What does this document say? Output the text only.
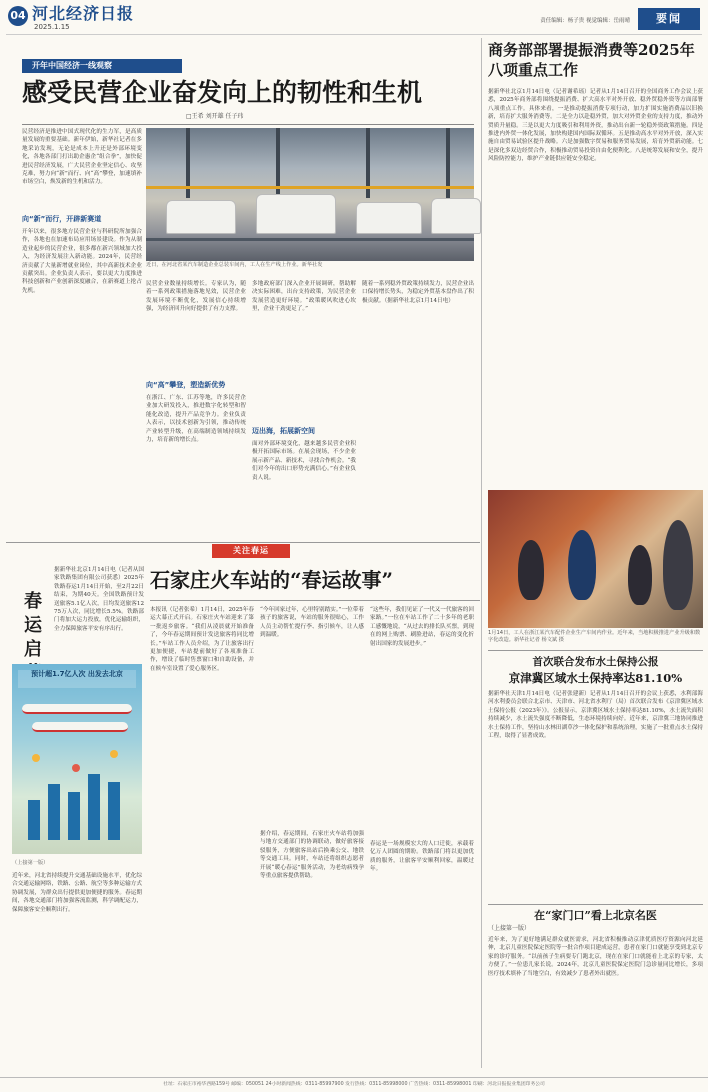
04 河北经济日报
2025.1.15
责任编辑：杨子贵 视觉编辑：岳雨晴	要闻
开年中国经济一线观察
感受民营企业奋发向上的韧性和生机
□王希 刘开雄 任子玮
民营经济是推进中国式现代化的生力军，是高质量发展的重要基础。新年伊始，新华社记者在多地采访发现，无论是成本上升还是外部环境变化，各地各部门打出助企惠企“组合拳”，加快促进民营经济发展，广大民营企业坚定信心、攻坚克难，努力向“新”而行、向“高”攀登，加速填补市场空白，焕发新的生机和活力。
向“新”而行，开辟新赛道
开年以来，很多地方民营企业与科研院所加强合作，各地也在加速布局应用场景建设。作为从制造业起步的民营企业，很多都在新兴领域加大投入，为经济发展注入新动能。2024年，民营经济贡献了大量新增就业岗位，其中高新技术企业贡献突出。企业负责人表示，要以更大力度推进科技创新和产业创新深度融合，在新赛道上抢占先机。
近日，在河北省某汽车制造企业总装车间内，工人在生产线上作业。新华社发
民营企业数量持续增长。专家认为，随着一系列政策措施落地见效，民营企业发展环境不断优化，发展信心持续增强，为经济回升向好提供了有力支撑。
向“高”攀登，塑造新优势
在浙江、广东、江苏等地，许多民营企业加大研发投入，推进数字化转型和智能化改造，提升产品竞争力。企业负责人表示，以技术创新为引领，推动传统产业转型升级，在高端制造领域持续发力，培育新的增长点。
多地政府部门深入企业开展调研，帮助解决实际困难，出台支持政策，为民营企业发展营造更好环境。“政策暖风吹进心坎里，企业干劲更足了。”
迈出海，拓展新空间
面对外部环境变化，越来越多民营企业积极开拓国际市场。在展会现场，不少企业展示新产品、新技术，寻找合作机会。“我们对今年的出口形势充满信心。”有企业负责人说。
随着一系列稳外贸政策持续发力，民营企业出口保持增长势头，为稳定外贸基本盘作出了积极贡献。（据新华社北京1月14日电）
商务部部署提振消费等2025年八项重点工作
据新华社北京1月14日电（记者谢希瑶）记者从1月14日召开的全国商务工作会议上获悉，2025年商务部将围绕提振消费、扩大高水平对外开放、稳外贸稳外资等方面部署八项重点工作。具体来看，一是推动提振消费专项行动，加力扩围实施消费品以旧换新，培育扩大服务消费等。二是全力以赴稳外贸，加大对外贸企业的支持力度，推动外贸质升量稳。三是以更大力度吸引和利用外资，推动出台新一轮稳外资政策措施。四是推进内外贸一体化发展，加快构建国内国际双循环。五是推动高水平对外开放，深入实施自由贸易试验区提升战略。六是加强数字贸易和服务贸易发展，培育外贸新动能。七是深化多双边经贸合作，积极推动贸易投资自由化便利化。八是统筹发展和安全，提升风险防控能力，维护产业链供应链安全稳定。
1月14日，工人在浙江某汽车配件企业生产车间内作业。近年来，当地积极推进产业升级和数字化改造。新华社记者 杨文斌 摄
关注春运
春运启
据新华社北京1月14日电（记者从国家铁路集团有限公司获悉）2025年铁路春运1月14日开始，至2月22日结束，为期40天。全国铁路预计发送旅客5.1亿人次，日均发送旅客1275万人次，同比增长5.5%。铁路部门将加大运力投放，优化运输组织，全力保障旅客平安有序出行。
预计超1.7亿人次 出发去北京
（上接第一版）
近年来，河北省持续提升交通基础设施水平，优化综合交通运输网络，铁路、公路、航空等多种运输方式协调发展，为群众出行提供更加便捷的服务。春运期间，各地交通部门将加强客流监测，科学调配运力，保障旅客安全顺利出行。
石家庄火车站的“春运故事”
本报讯（记者张希）1月14日，2025年春运大幕正式开启。石家庄火车站迎来了第一批返乡旅客。“我们从凌晨就开始准备了，今年春运期间预计发送旅客将同比增长。”车站工作人员介绍，为了让旅客出行更加便捷，车站提前做好了各项准备工作，增设了临时售票窗口和自助设备，并在候车室设置了爱心服务区。
“今年回家过年，心里特别踏实。”一位带着孩子的旅客说，车站的服务很贴心，工作人员主动帮忙提行李、指引候车，让人感到温暖。
据介绍，春运期间，石家庄火车站将加强与地方交通部门的协调联动，做好旅客接驳服务，方便旅客出站后换乘公交、地铁等交通工具。同时，车站还将组织志愿者开展“暖心春运”服务活动，为老幼病残孕等重点旅客提供帮助。
“这些年，我们见证了一代又一代旅客的回家路。”一位在车站工作了二十多年的老职工感慨地说，“从过去的排长队买票，到现在的网上购票、刷脸进站，春运的变化折射出国家的发展进步。”
春运是一场规模宏大的人口迁徙，承载着亿万人团圆的期盼。铁路部门将以更加优质的服务，让旅客平安顺利回家，温暖过年。
首次联合发布水土保持公报
京津冀区域水土保持率达81.10%
据新华社天津1月14日电（记者张建新）记者从1月14日召开的会议上获悉，水利部海河水利委员会联合北京市、天津市、河北省水利厅（局）首次联合发布《京津冀区域水土保持公报（2023年）》。公报显示，京津冀区域水土保持率达81.10%，水土流失面积持续减少，水土流失强度不断降低，生态环境持续向好。近年来，京津冀三地协同推进水土保持工作，坚持山水林田湖草沙一体化保护和系统治理，实施了一批重点水土保持工程，取得了显著成效。
在“家门口”看上北京名医
（上接第一版）
近年来，为了更好地满足群众就医需求，河北省积极推动京津优质医疗资源向河北延伸，北京儿童医院保定医院等一批合作项目建成运营，患者在家门口就能享受到北京专家的诊疗服务。“以前孩子生病要专门跑北京，现在在家门口就能看上北京的专家，太方便了。”一位患儿家长说。2024年，北京儿童医院保定医院门急诊量同比增长，多项医疗技术填补了当地空白，有效减少了患者外出就医。
社址：石家庄市裕华西路159号 邮编：050051 24小时新闻热线：0311-85997900 发行热线：0311-85998000 广告热线：0311-85998001 印刷：河北日报报业集团印务公司
